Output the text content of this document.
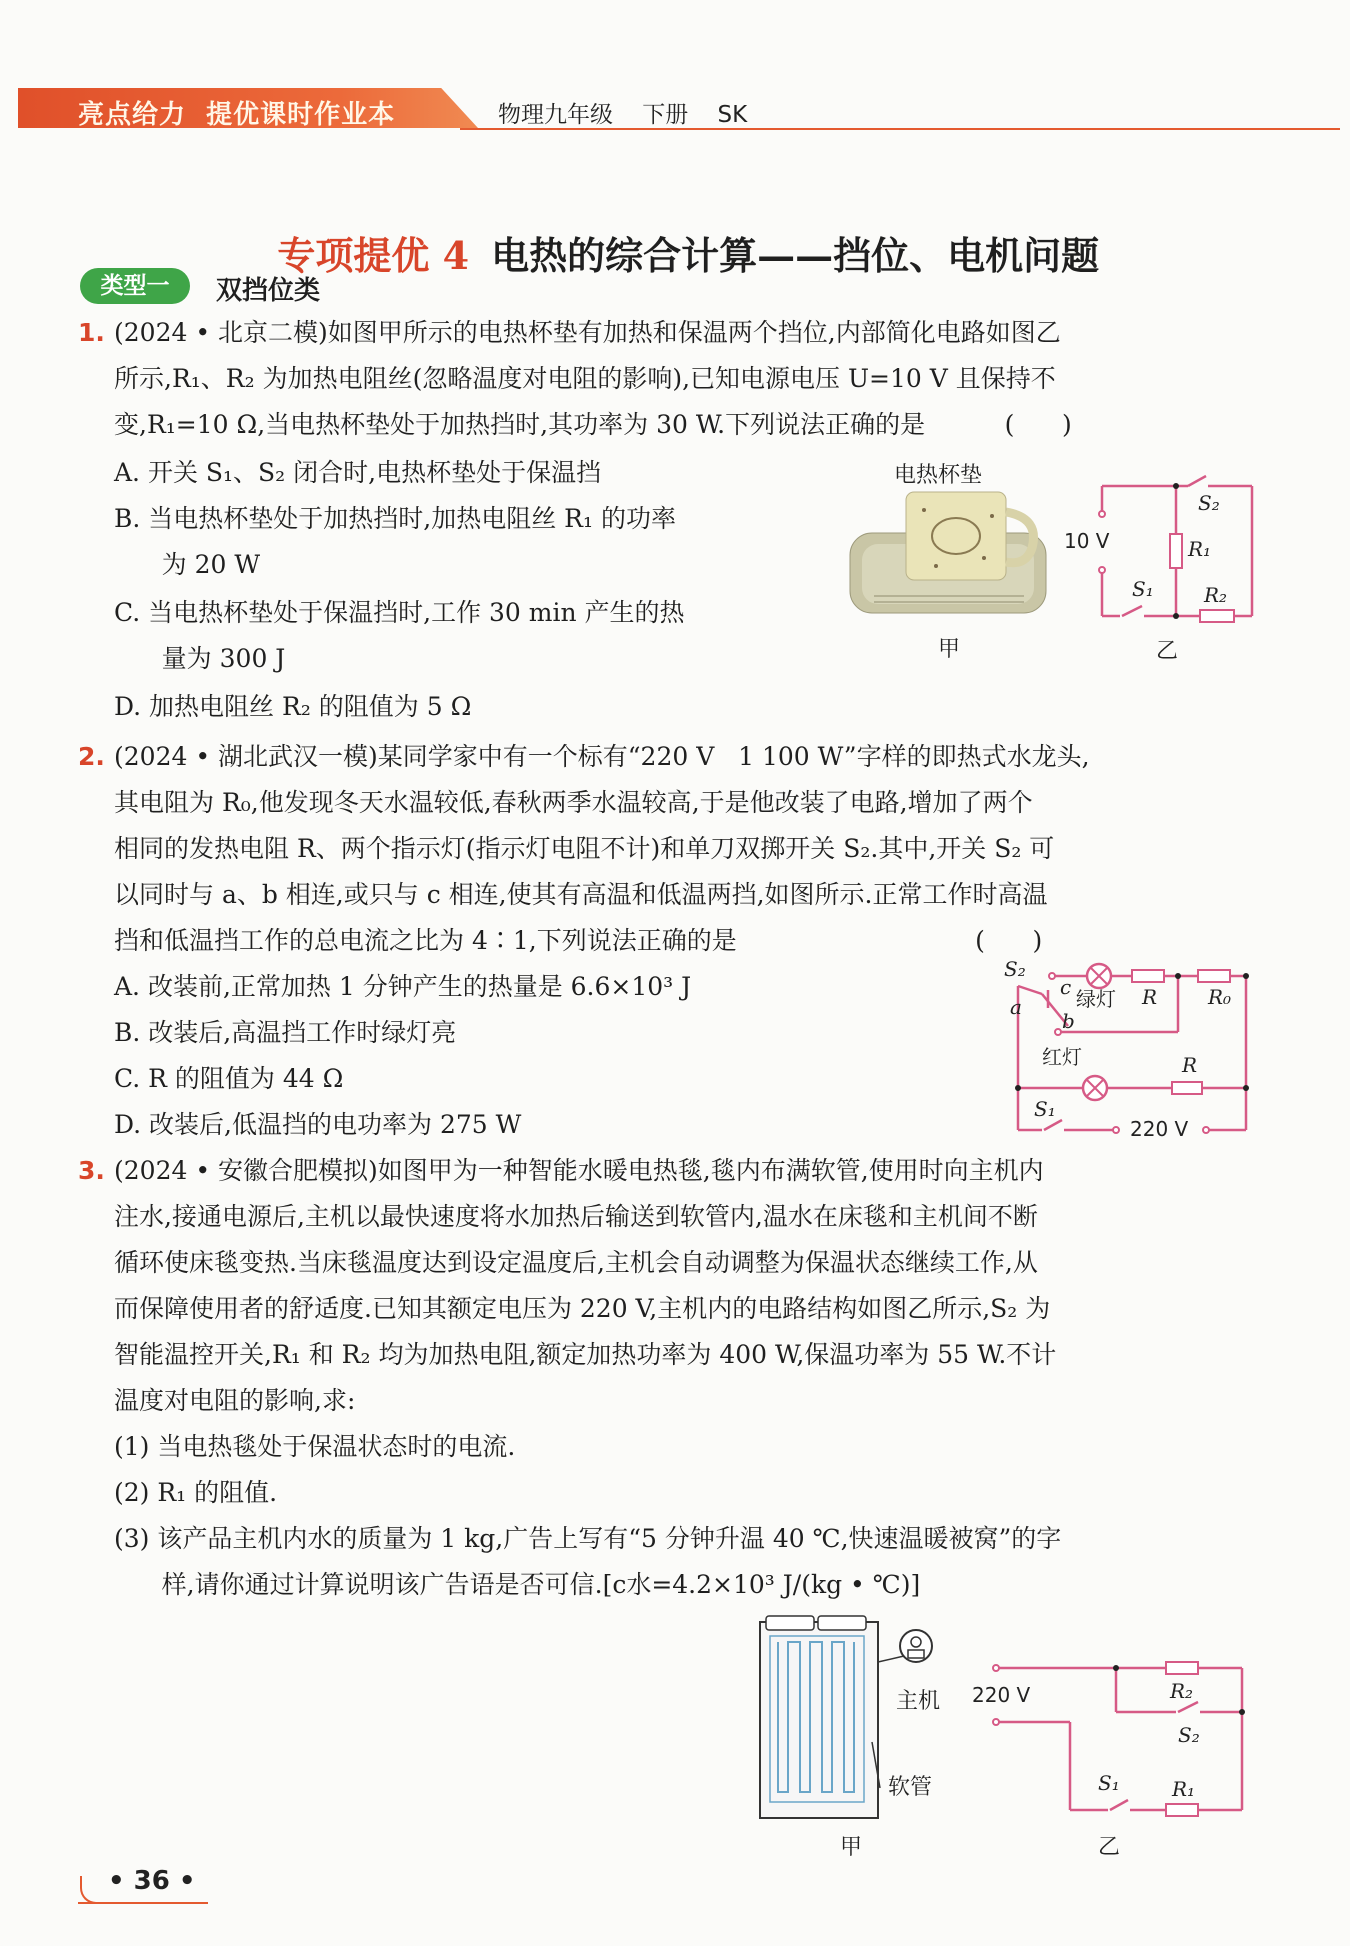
亮点给力  提优课时作业本	物理九年级    下册    SK

专项提优 4 电热的综合计算——挡位、电机问题

类型一	双挡位类
1. (2024 • 北京二模)如图甲所示的电热杯垫有加热和保温两个挡位,内部简化电路如图乙
所示,R₁、R₂ 为加热电阻丝(忽略温度对电阻的影响),已知电源电压 U=10 V 且保持不
变,R₁=10 Ω,当电热杯垫处于加热挡时,其功率为 30 W.下列说法正确的是          (      )
A. 开关 S₁、S₂ 闭合时,电热杯垫处于保温挡
B. 当电热杯垫处于加热挡时,加热电阻丝 R₁ 的功率
为 20 W
C. 当电热杯垫处于保温挡时,工作 30 min 产生的热
量为 300 J
D. 加热电阻丝 R₂ 的阻值为 5 Ω
电热杯垫
甲
10 V
S₂
R₁
S₁	R₂
乙
2. (2024 • 湖北武汉一模)某同学家中有一个标有“220 V   1 100 W”字样的即热式水龙头,
其电阻为 R₀,他发现冬天水温较低,春秋两季水温较高,于是他改装了电路,增加了两个
相同的发热电阻 R、两个指示灯(指示灯电阻不计)和单刀双掷开关 S₂.其中,开关 S₂ 可
以同时与 a、b 相连,或只与 c 相连,使其有高温和低温两挡,如图所示.正常工作时高温
挡和低温挡工作的总电流之比为 4∶1,下列说法正确的是                              (      )
A. 改装前,正常加热 1 分钟产生的热量是 6.6×10³ J
B. 改装后,高温挡工作时绿灯亮
C. R 的阻值为 44 Ω
D. 改装后,低温挡的电功率为 275 W
S₂
c
a
b
绿灯 R	R₀
红灯	R
S₁
220 V
3. (2024 • 安徽合肥模拟)如图甲为一种智能水暖电热毯,毯内布满软管,使用时向主机内
注水,接通电源后,主机以最快速度将水加热后输送到软管内,温水在床毯和主机间不断
循环使床毯变热.当床毯温度达到设定温度后,主机会自动调整为保温状态继续工作,从
而保障使用者的舒适度.已知其额定电压为 220 V,主机内的电路结构如图乙所示,S₂ 为
智能温控开关,R₁ 和 R₂ 均为加热电阻,额定加热功率为 400 W,保温功率为 55 W.不计
温度对电阻的影响,求:
(1) 当电热毯处于保温状态时的电流.
(2) R₁ 的阻值.
(3) 该产品主机内水的质量为 1 kg,广告上写有“5 分钟升温 40 ℃,快速温暖被窝”的字
样,请你通过计算说明该广告语是否可信.[c水=4.2×10³ J/(kg • ℃)]
主机
软管
甲
220 V	R₂
S₂
S₁	R₁
乙
• 36 •
